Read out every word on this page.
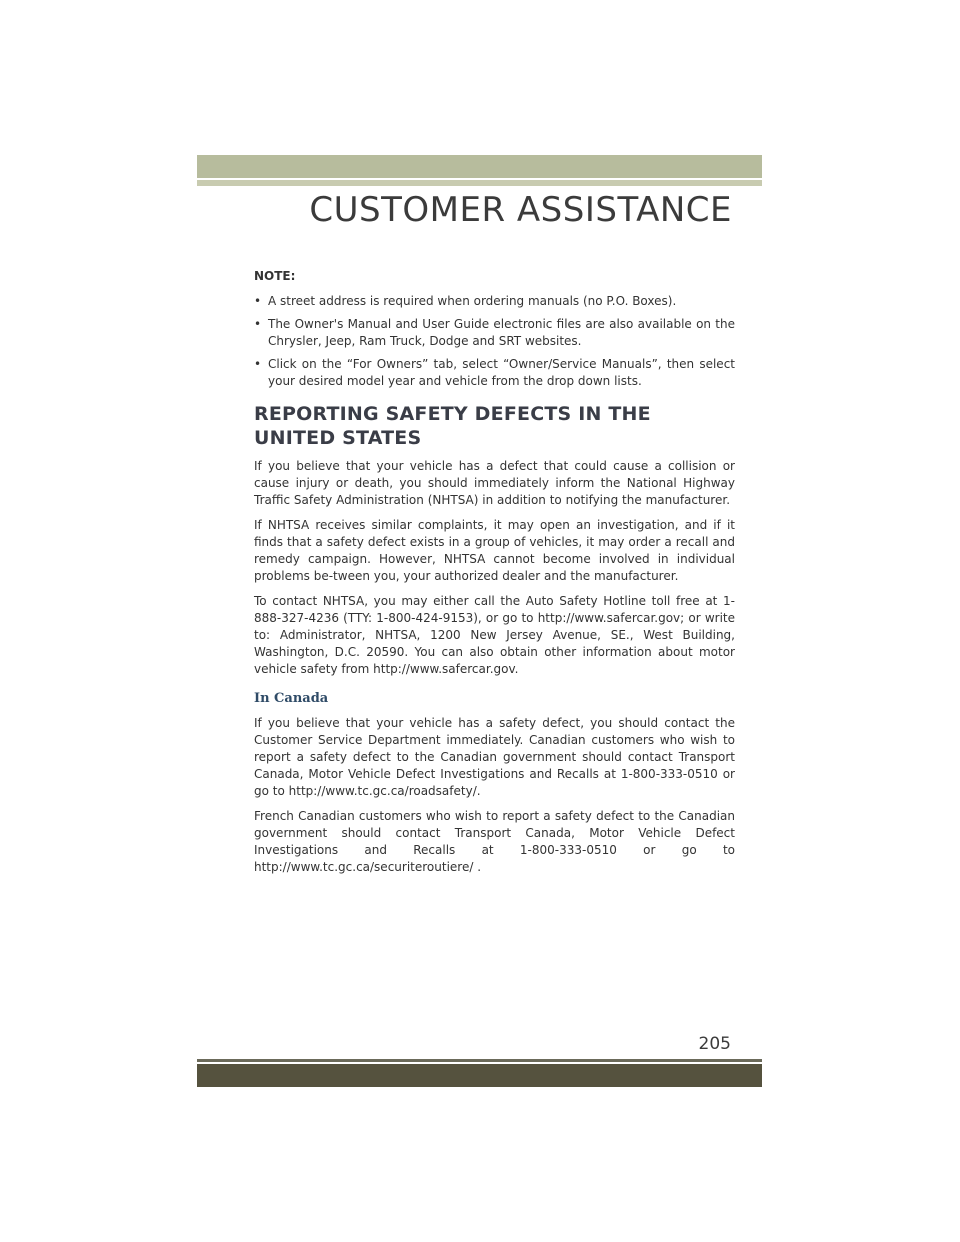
CUSTOMER ASSISTANCE
NOTE:
• A street address is required when ordering manuals (no P.O. Boxes).
• The Owner's Manual and User Guide electronic files are also available on the Chrysler, Jeep, Ram Truck, Dodge and SRT websites.
• Click on the “For Owners” tab, select “Owner/Service Manuals”, then select your desired model year and vehicle from the drop down lists.
REPORTING SAFETY DEFECTS IN THE UNITED STATES

If you believe that your vehicle has a defect that could cause a collision or cause injury or death, you should immediately inform the National Highway Traffic Safety Administration (NHTSA) in addition to notifying the manufacturer.

If NHTSA receives similar complaints, it may open an investigation, and if it finds that a safety defect exists in a group of vehicles, it may order a recall and remedy campaign. However, NHTSA cannot become involved in individual problems be-tween you, your authorized dealer and the manufacturer.

To contact NHTSA, you may either call the Auto Safety Hotline toll free at 1-888-327-4236 (TTY: 1-800-424-9153), or go to http://www.safercar.gov; or write to: Administrator, NHTSA, 1200 New Jersey Avenue, SE., West Building, Washington, D.C. 20590. You can also obtain other information about motor vehicle safety from http://www.safercar.gov.

In Canada

If you believe that your vehicle has a safety defect, you should contact the Customer Service Department immediately. Canadian customers who wish to report a safety defect to the Canadian government should contact Transport Canada, Motor Vehicle Defect Investigations and Recalls at 1-800-333-0510 or go to http://www.tc.gc.ca/roadsafety/.

French Canadian customers who wish to report a safety defect to the Canadian government should contact Transport Canada, Motor Vehicle Defect Investigations and Recalls at 1-800-333-0510 or go to http://www.tc.gc.ca/securiteroutiere/ .

205
